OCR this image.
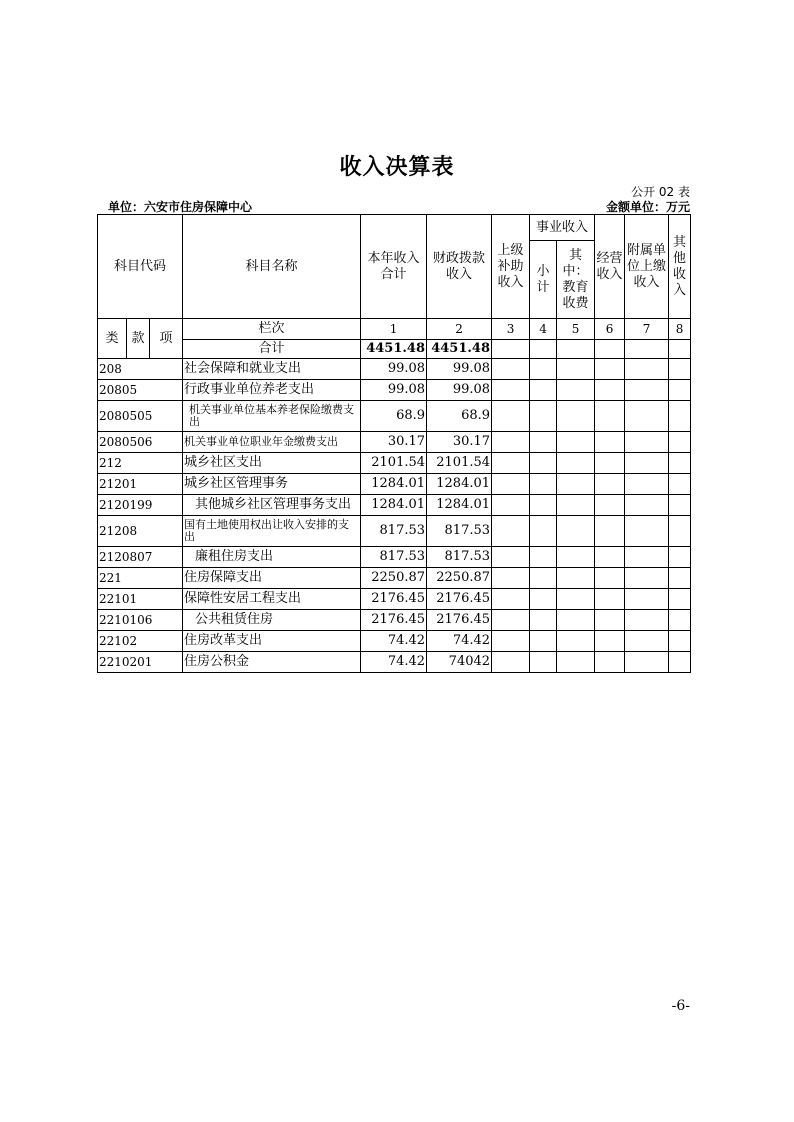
收入决算表
公开 02 表
单位：六安市住房保障中心	金额单位：万元
科目代码			科目名称	本年收入合计	财政拨款收入	上级补助收入	事业收入		经营收入	附属单位上缴收入	其他收入
							小计	其中：教育收费			
类	款	项	栏次	1	2	3	4	5	6	7	8
			合计	4451.48	4451.48						
208			社会保障和就业支出	99.08	99.08						
20805			行政事业单位养老支出	99.08	99.08						
2080505			机关事业单位基本养老保险缴费支出	68.9	68.9						
2080506			机关事业单位职业年金缴费支出	30.17	30.17						
212			城乡社区支出	2101.54	2101.54						
21201			城乡社区管理事务	1284.01	1284.01						
2120199			其他城乡社区管理事务支出	1284.01	1284.01						
21208			国有土地使用权出让收入安排的支出	817.53	817.53						
2120807			廉租住房支出	817.53	817.53						
221			住房保障支出	2250.87	2250.87						
22101			保障性安居工程支出	2176.45	2176.45						
2210106			公共租赁住房	2176.45	2176.45						
22102			住房改革支出	74.42	74.42						
2210201			住房公积金	74.42	74042						
-6-
